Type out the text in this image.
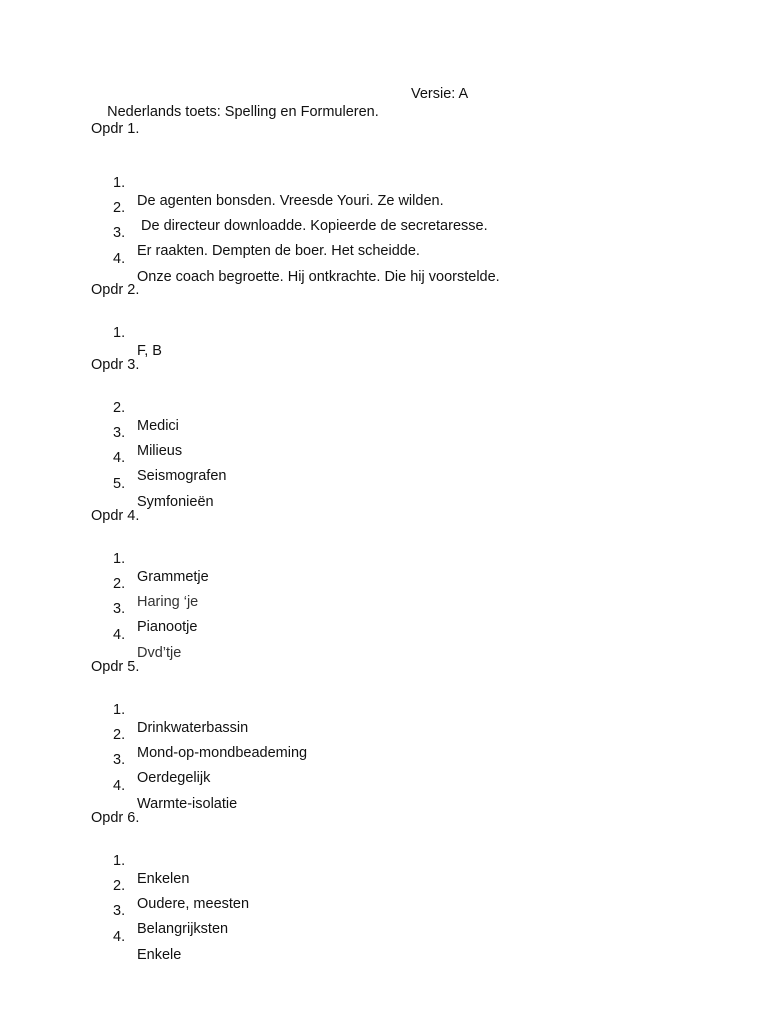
Nederlands toets: Spelling en Formuleren.

Versie: A

Opdr 1.

1.

De agenten bonsden. Vreesde Youri. Ze wilden.

2.

De directeur downloadde. Kopieerde de secretaresse.

3.

Er raakten. Dempten de boer. Het scheidde.

4.

Onze coach begroette. Hij ontkrachte. Die hij voorstelde.

Opdr 2.

1.

F, B

Opdr 3.

2.

Medici

3.

Milieus

4.

Seismografen

5.

Symfonieën

Opdr 4.

1.

Grammetje

2.

Haring ‘je

3.

Pianootje

4.

Dvd’tje

Opdr 5.

1.

Drinkwaterbassin

2.

Mond-op-mondbeademing

3.

Oerdegelijk

4.

Warmte-isolatie

Opdr 6.

1.

Enkelen

2.

Oudere, meesten

3.

Belangrijksten

4.

Enkele
